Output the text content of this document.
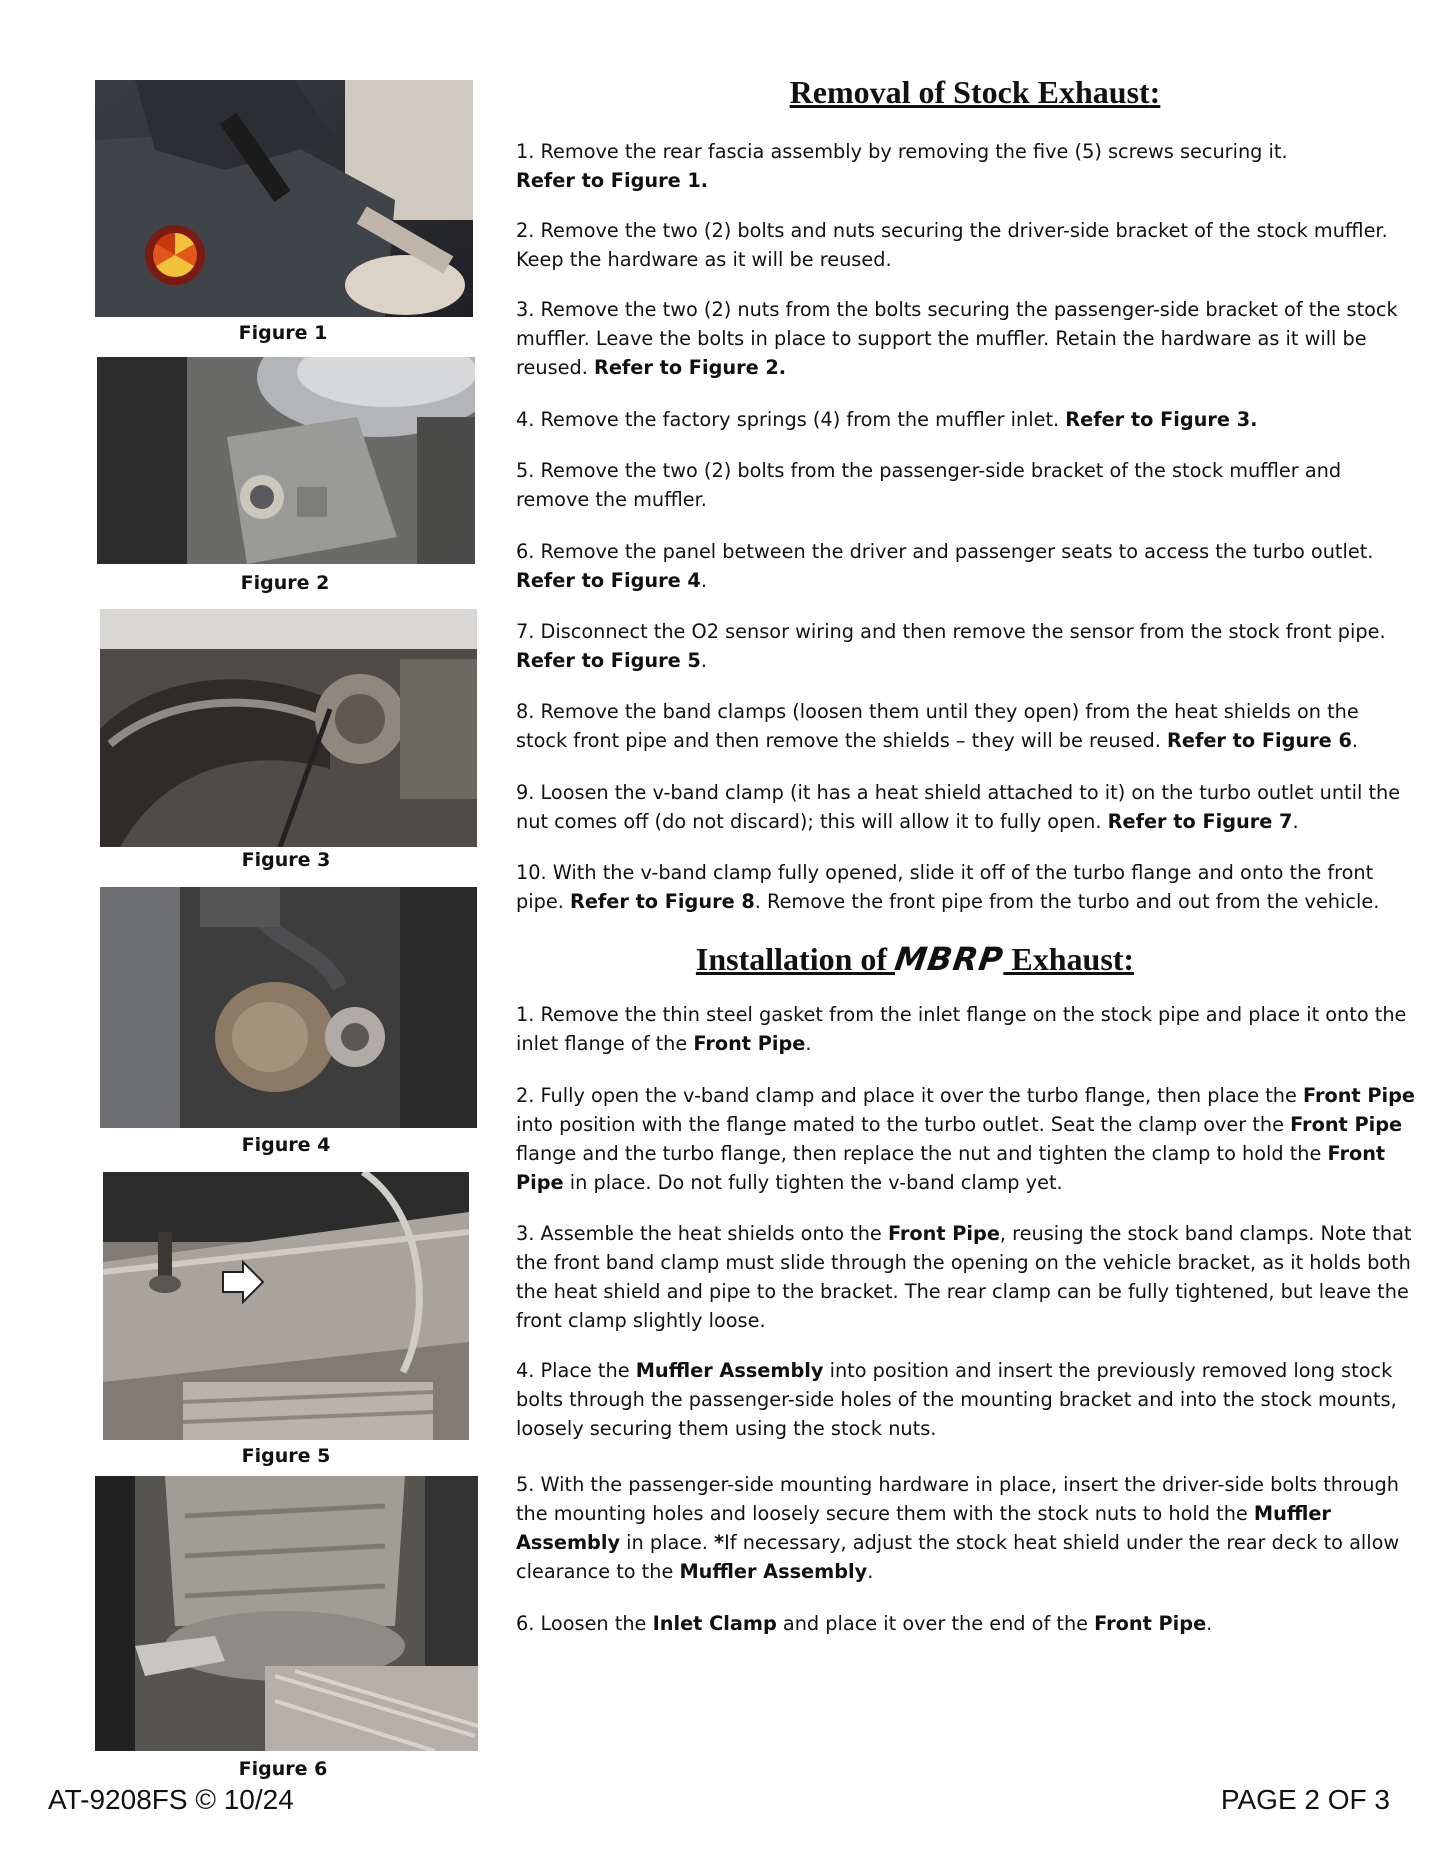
Figure 1
Figure 2
Figure 3
Figure 4
Figure 5
Figure 6
Removal of Stock Exhaust:

1. Remove the rear fascia assembly by removing the five (5) screws securing it.
Refer to Figure 1.

2. Remove the two (2) bolts and nuts securing the driver-side bracket of the stock muffler. Keep the hardware as it will be reused.

3. Remove the two (2) nuts from the bolts securing the passenger-side bracket of the stock muffler. Leave the bolts in place to support the muffler. Retain the hardware as it will be reused. Refer to Figure 2.

4. Remove the factory springs (4) from the muffler inlet. Refer to Figure 3.

5. Remove the two (2) bolts from the passenger-side bracket of the stock muffler and remove the muffler.

6. Remove the panel between the driver and passenger seats to access the turbo outlet. Refer to Figure 4.

7. Disconnect the O2 sensor wiring and then remove the sensor from the stock front pipe. Refer to Figure 5.

8. Remove the band clamps (loosen them until they open) from the heat shields on the stock front pipe and then remove the shields – they will be reused. Refer to Figure 6.

9. Loosen the v-band clamp (it has a heat shield attached to it) on the turbo outlet until the nut comes off (do not discard); this will allow it to fully open. Refer to Figure 7.

10. With the v-band clamp fully opened, slide it off of the turbo flange and onto the front pipe. Refer to Figure 8. Remove the front pipe from the turbo and out from the vehicle.

Installation of MBRP Exhaust:

1. Remove the thin steel gasket from the inlet flange on the stock pipe and place it onto the inlet flange of the Front Pipe.

2. Fully open the v-band clamp and place it over the turbo flange, then place the Front Pipe into position with the flange mated to the turbo outlet. Seat the clamp over the Front Pipe flange and the turbo flange, then replace the nut and tighten the clamp to hold the Front Pipe in place. Do not fully tighten the v-band clamp yet.

3. Assemble the heat shields onto the Front Pipe, reusing the stock band clamps. Note that the front band clamp must slide through the opening on the vehicle bracket, as it holds both the heat shield and pipe to the bracket. The rear clamp can be fully tightened, but leave the front clamp slightly loose.

4. Place the Muffler Assembly into position and insert the previously removed long stock bolts through the passenger-side holes of the mounting bracket and into the stock mounts, loosely securing them using the stock nuts.

5. With the passenger-side mounting hardware in place, insert the driver-side bolts through the mounting holes and loosely secure them with the stock nuts to hold the Muffler Assembly in place. *If necessary, adjust the stock heat shield under the rear deck to allow clearance to the Muffler Assembly.

6. Loosen the Inlet Clamp and place it over the end of the Front Pipe.

AT-9208FS © 10/24	PAGE 2 OF 3
